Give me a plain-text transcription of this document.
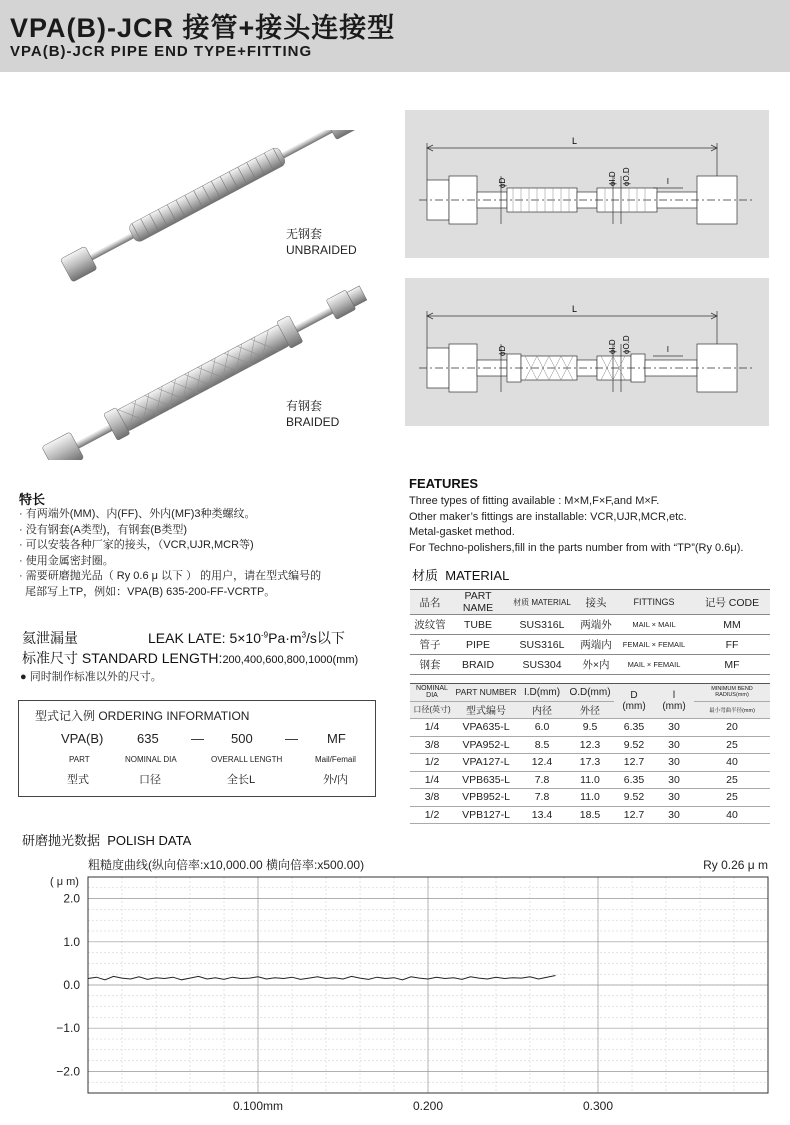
VPA(B)-JCR 接管+接头连接型
VPA(B)-JCR PIPE END TYPE+FITTING
无钢套
UNBRAIDED
有钢套
BRAIDED
L
ϕD	ϕI.D ϕO.D	l
L
ϕD	ϕI.D ϕO.D	l
特长
· 有两端外(MM)、内(FF)、外内(MF)3种类螺纹。
· 没有钢套(A类型)，有钢套(B类型)
· 可以安装各种厂家的接头，（VCR,UJR,MCR等)
· 使用金属密封圈。
· 需要研磨抛光品（ Ry 0.6 μ 以下 ） 的用户，请在型式编号的
尾部写上TP，例如：VPA(B) 635-200-FF-VCRTP。
氦泄漏量	LEAK LATE: $5\times 10^{-9}Pa\cdot m^3/s$以下
标准尺寸 STANDARD LENGTH:200,400,600,800,1000(mm)
● 同时制作标准以外的尺寸。
型式记入例 ORDERING INFORMATION
VPA(B)	635 — 500 — MF
PART	NOMINAL DIA	OVERALL LENGTH	Mail/Femail
型式	口径	全长L	外/内
FEATURES
Three types of fitting available : M×M,F×F,and M×F.
Other maker’s fittings are installable: VCR,UJR,MCR,etc.
Metal-gasket method.
For Techno-polishers,fill in the parts number from with “TP”(Ry 0.6μ).
材质 MATERIAL
品名	PART NAME	材质 MATERIAL	接头	FITTINGS	记号 CODE
波纹管	TUBE	SUS316L	两端外	MAIL × MAIL	MM
管子	PIPE	SUS316L	两端内	FEMAIL × FEMAIL	FF
钢套	BRAID	SUS304	外×内	MAIL × FEMAIL	MF
NOMINAL DIA	PART NUMBER	I.D(mm)	O.D(mm)	D
(mm)	l
(mm)	MINIMUM BEND RADIUS(mm)
口径(英寸)	型式编号	内径	外径			最小弯曲半径(mm)
1/4	VPA635-L	6.0	9.5	6.35	30	20
3/8	VPA952-L	8.5	12.3	9.52	30	25
1/2	VPA127-L	12.4	17.3	12.7	30	40
1/4	VPB635-L	7.8	11.0	6.35	30	25
3/8	VPB952-L	7.8	11.0	9.52	30	25
1/2	VPB127-L	13.4	18.5	12.7	30	40
研磨抛光数据 POLISH DATA
2.0
1.0
0.0
−1.0
−2.0
0.100mm	0.200	0.300
( μ m)
粗糙度曲线(纵向倍率:x10,000.00 横向倍率:x500.00)	Ry 0.26 μ m
